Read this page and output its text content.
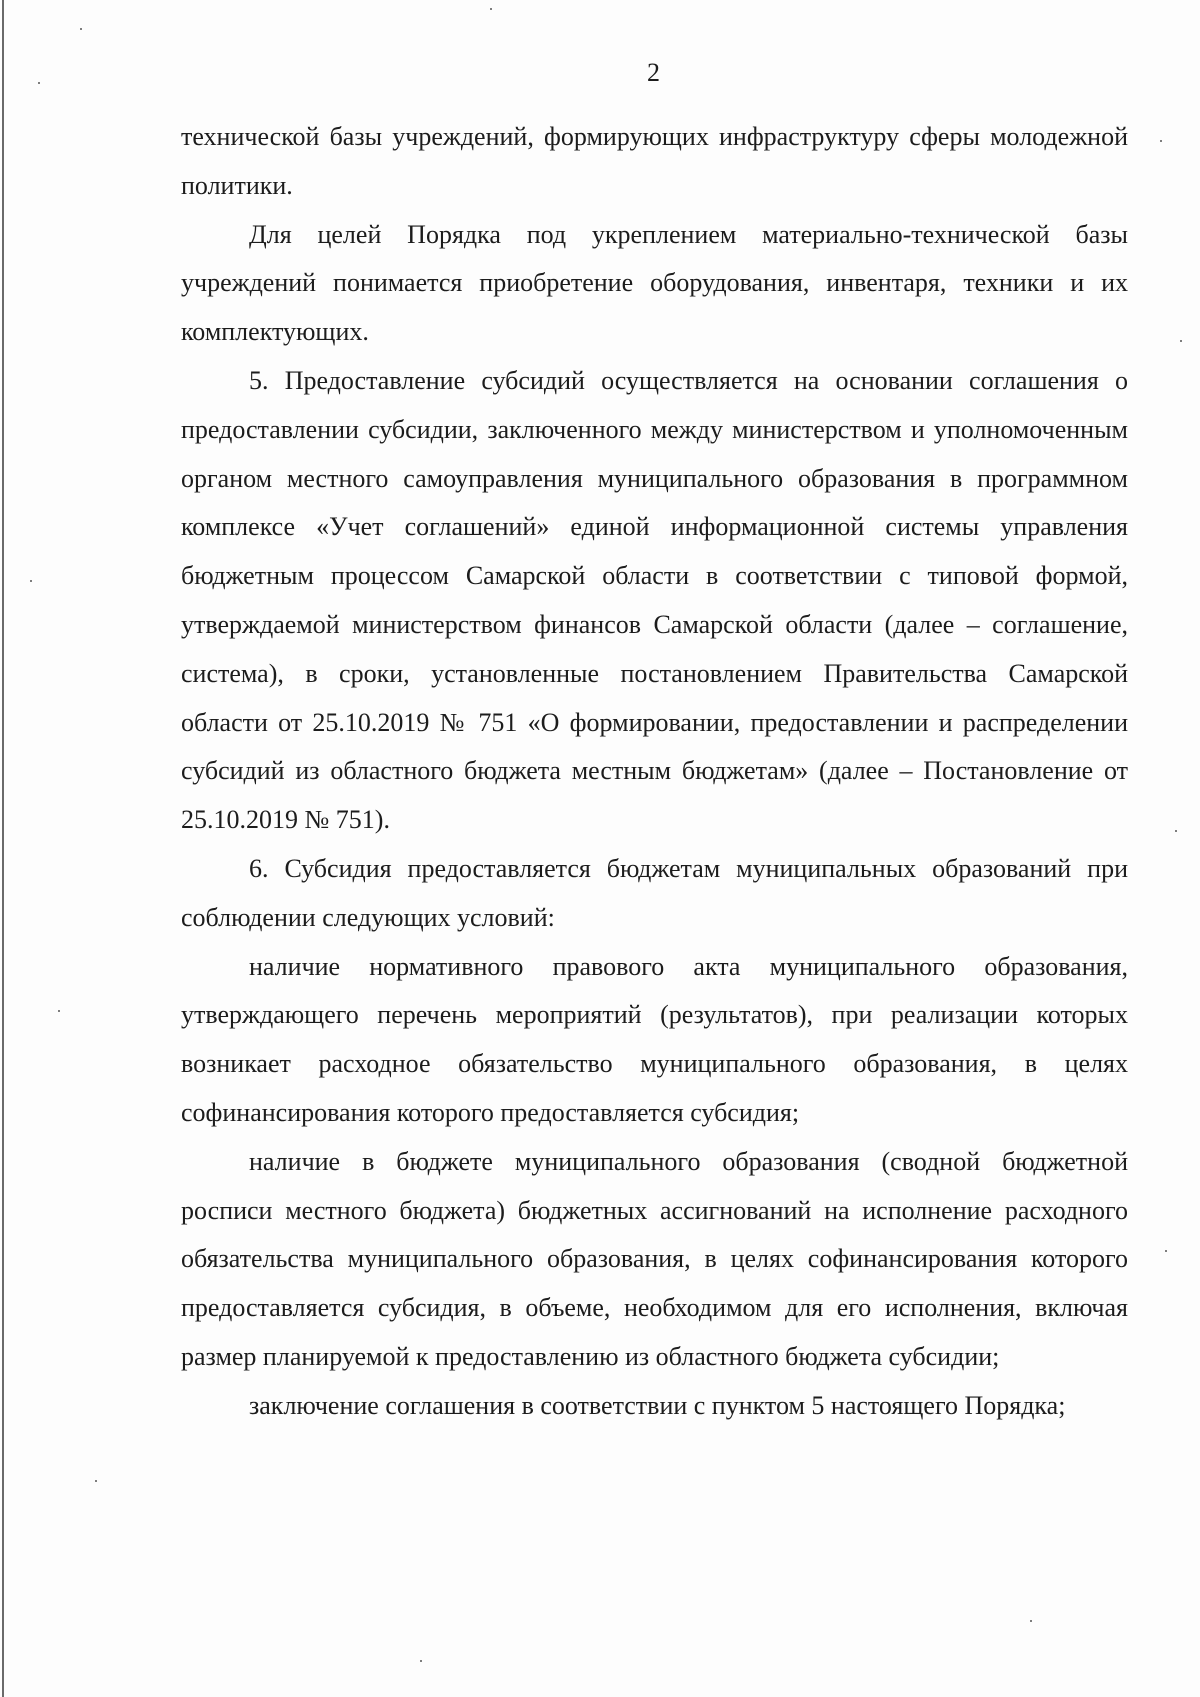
2

технической базы учреждений, формирующих инфраструктуру сферы молодежной политики.

Для целей Порядка под укреплением материально-технической базы учреждений понимается приобретение оборудования, инвентаря, техники и их комплектующих.

5. Предоставление субсидий осуществляется на основании соглашения о предоставлении субсидии, заключенного между министерством и уполномоченным органом местного самоуправления муниципального образования в программном комплексе «Учет соглашений» единой информационной системы управления бюджетным процессом Самарской области в соответствии с типовой формой, утверждаемой министерством финансов Самарской области (далее – соглашение, система), в сроки, установленные постановлением Правительства Самарской области от 25.10.2019 № 751 «О формировании, предоставлении и распределении субсидий из областного бюджета местным бюджетам» (далее – Постановление от 25.10.2019 № 751).

6. Субсидия предоставляется бюджетам муниципальных образований при соблюдении следующих условий:

наличие нормативного правового акта муниципального образования, утверждающего перечень мероприятий (результатов), при реализации которых возникает расходное обязательство муниципального образования, в целях софинансирования которого предоставляется субсидия;

наличие в бюджете муниципального образования (сводной бюджетной росписи местного бюджета) бюджетных ассигнований на исполнение расходного обязательства муниципального образования, в целях софинансирования которого предоставляется субсидия, в объеме, необходимом для его исполнения, включая размер планируемой к предоставлению из областного бюджета субсидии;

заключение соглашения в соответствии с пунктом 5 настоящего Порядка;
